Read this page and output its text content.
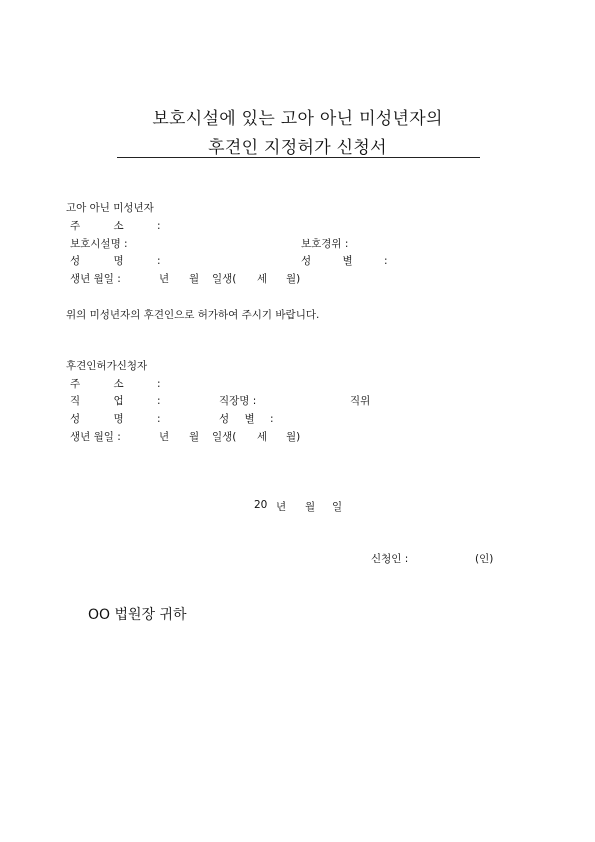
보호시설에 있는 고아 아닌 미성년자의
후견인 지정허가 신청서
고아 아닌 미성년자
주 소 :
보호시설명 :	보호경위 :
성 명 :	성 별 :
생년 월일 :	년 월 일생( 세 월)
위의 미성년자의 후견인으로 허가하여 주시기 바랍니다.
후견인허가신청자
주 소 :
직 업 :	직장명 :	직위
성 명 :	성 별 :
생년 월일 :	년 월 일생( 세 월)
20 년 월 일
신청인 :	(인)
OO 법원장 귀하
